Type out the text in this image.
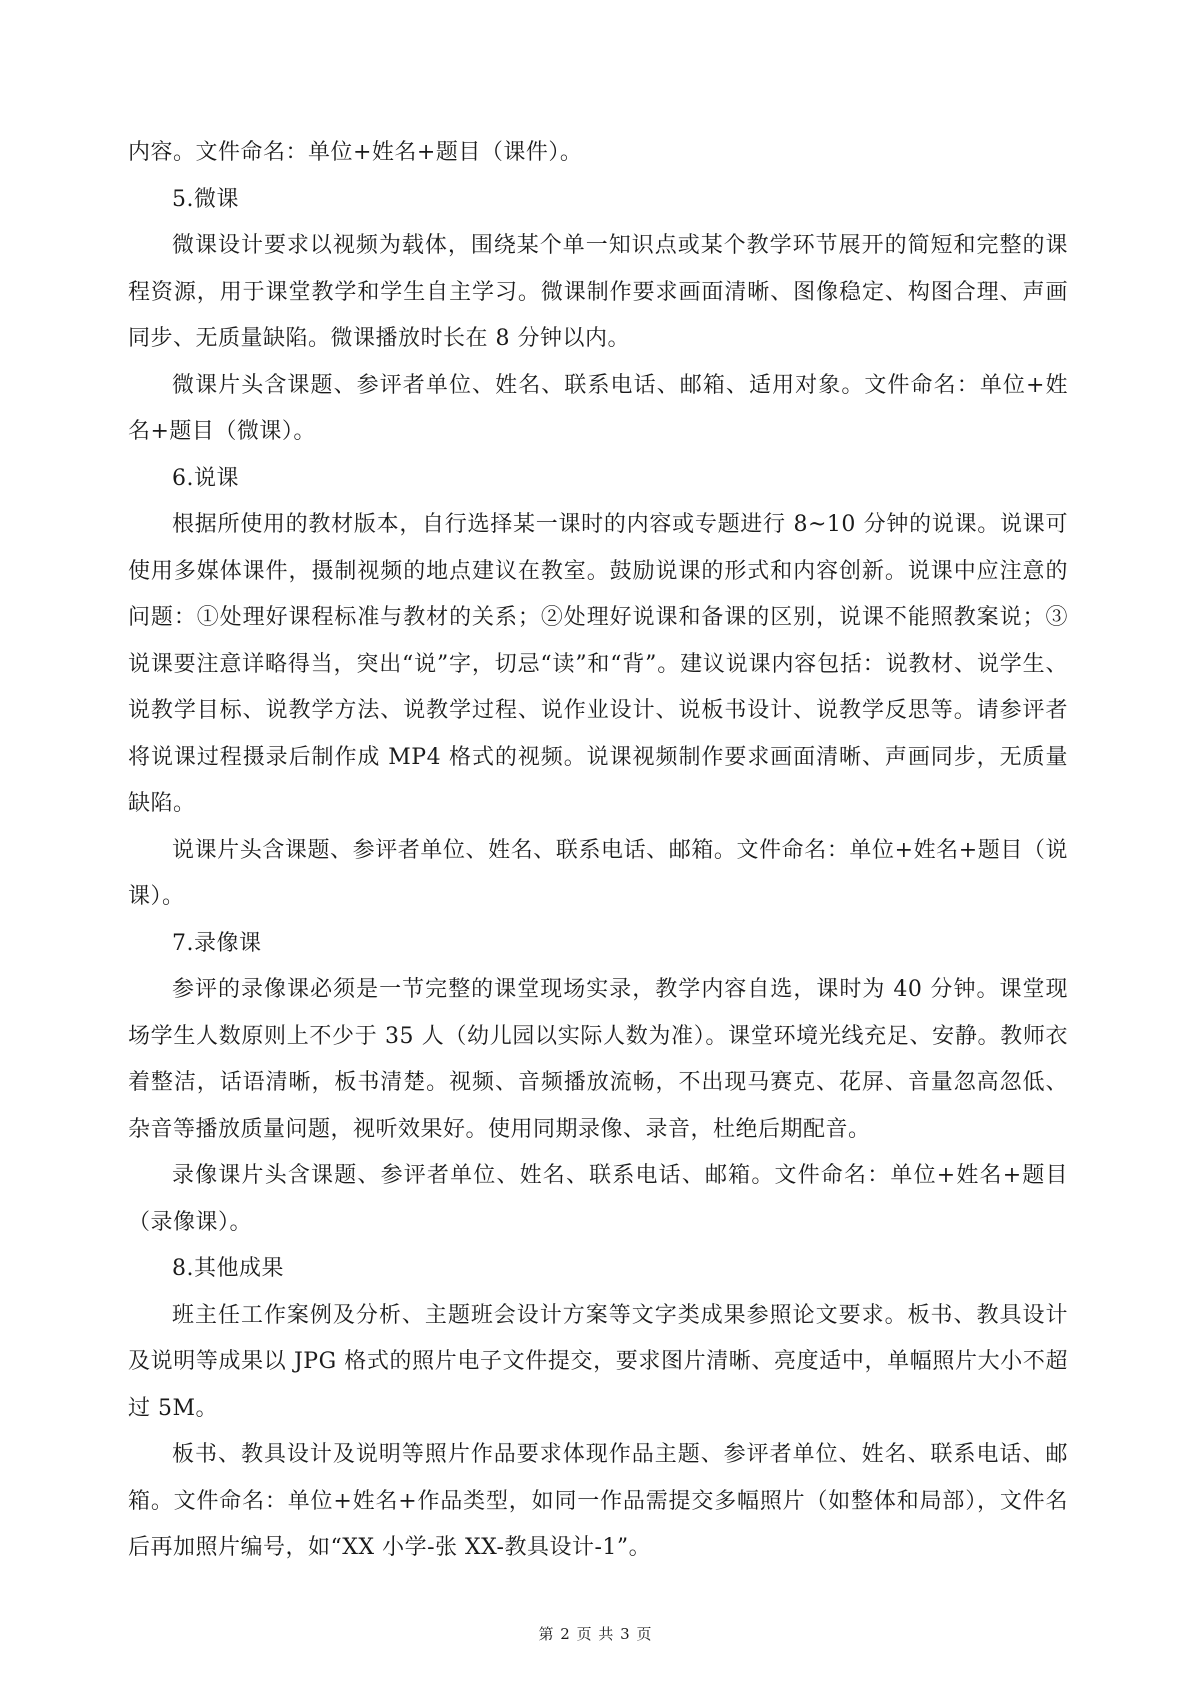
内容。文件命名：单位+姓名+题目（课件）。

5.微课

微课设计要求以视频为载体，围绕某个单一知识点或某个教学环节展开的简短和完整的课程资源，用于课堂教学和学生自主学习。微课制作要求画面清晰、图像稳定、构图合理、声画同步、无质量缺陷。微课播放时长在 8 分钟以内。

微课片头含课题、参评者单位、姓名、联系电话、邮箱、适用对象。文件命名：单位+姓名+题目（微课）。

6.说课

根据所使用的教材版本，自行选择某一课时的内容或专题进行 8~10 分钟的说课。说课可使用多媒体课件，摄制视频的地点建议在教室。鼓励说课的形式和内容创新。说课中应注意的问题：①处理好课程标准与教材的关系；②处理好说课和备课的区别，说课不能照教案说；③说课要注意详略得当，突出“说”字，切忌“读”和“背”。建议说课内容包括：说教材、说学生、说教学目标、说教学方法、说教学过程、说作业设计、说板书设计、说教学反思等。请参评者将说课过程摄录后制作成 MP4 格式的视频。说课视频制作要求画面清晰、声画同步，无质量缺陷。

说课片头含课题、参评者单位、姓名、联系电话、邮箱。文件命名：单位+姓名+题目（说课）。

7.录像课

参评的录像课必须是一节完整的课堂现场实录，教学内容自选，课时为 40 分钟。课堂现场学生人数原则上不少于 35 人（幼儿园以实际人数为准）。课堂环境光线充足、安静。教师衣着整洁，话语清晰，板书清楚。视频、音频播放流畅，不出现马赛克、花屏、音量忽高忽低、杂音等播放质量问题，视听效果好。使用同期录像、录音，杜绝后期配音。

录像课片头含课题、参评者单位、姓名、联系电话、邮箱。文件命名：单位+姓名+题目（录像课）。

8.其他成果

班主任工作案例及分析、主题班会设计方案等文字类成果参照论文要求。板书、教具设计及说明等成果以 JPG 格式的照片电子文件提交，要求图片清晰、亮度适中，单幅照片大小不超过 5M。

板书、教具设计及说明等照片作品要求体现作品主题、参评者单位、姓名、联系电话、邮箱。文件命名：单位+姓名+作品类型，如同一作品需提交多幅照片（如整体和局部），文件名后再加照片编号，如“XX 小学-张 XX-教具设计-1”。

第 2 页 共 3 页
